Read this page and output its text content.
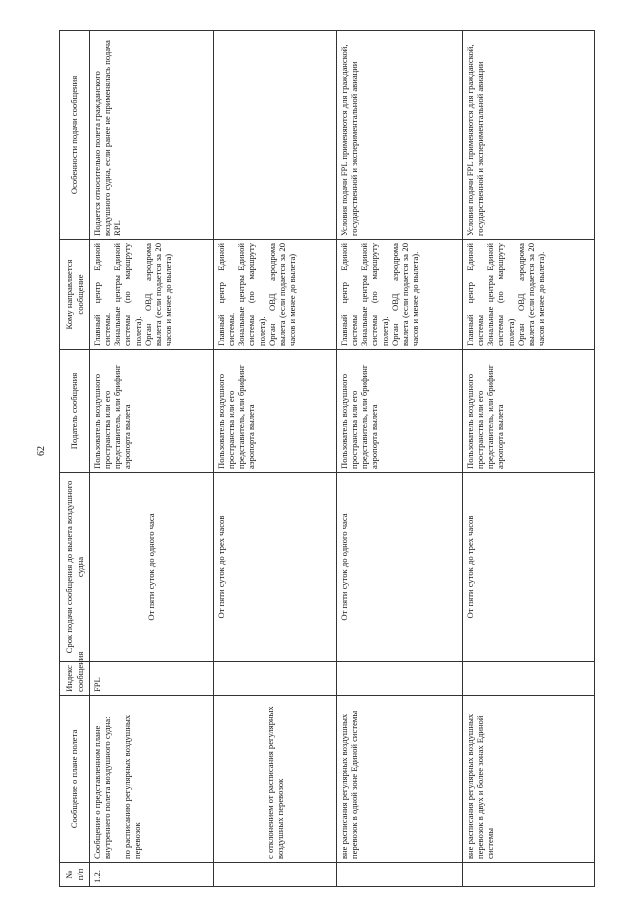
62
№ п/п	Сообщение о плане полета	Индекс сообщения	Срок подачи сообщения до вылета воздушного судна	Податель сообщения	Кому направляется сообщение	Особенности подачи сообщения
1.2.	Сообщение о представленном плане внутреннего полета воздушного судна: по расписанию регулярных воздушных перевозок	FPL	От пяти суток до одного часа	Пользователь воздушного пространства или его представитель, или брифинг аэропорта вылета	Главный центр Единой системы.
Зональные центры Единой системы (по маршруту полета).
Орган ОВД аэродрома вылета (если подается за 20 часов и менее до вылета)	Подается относительно полета гражданского воздушного судна, если ранее не применялась подача RPL
	с отклонением от расписания регулярных воздушных перевозок		От пяти суток до трех часов	Пользователь воздушного пространства или его представитель, или брифинг аэропорта вылета	Главный центр Единой системы.
Зональные центры Единой системы (по маршруту полета).
Орган ОВД аэродрома вылета (если подается за 20 часов и менее до вылета)	
	вне расписания регулярных воздушных перевозок в одной зоне Единой системы		От пяти суток до одного часа	Пользователь воздушного пространства или его представитель, или брифинг аэропорта вылета	Главный центр Единой системы
Зональные центры Единой системы (по маршруту полета).
Орган ОВД аэродрома вылета (если подается за 20 часов и менее до вылета).	Условия подачи FPL применяются для гражданской, государственной и экспериментальной авиации
	вне расписания регулярных воздушных перевозок в двух и более зонах Единой системы		От пяти суток до трех часов	Пользователь воздушного пространства или его представитель, или брифинг аэропорта вылета	Главный центр Единой системы
Зональные центры Единой системы (по маршруту полета)
Орган ОВД аэродрома вылета (если подается за 20 часов и менее до вылета).	Условия подачи FPL применяются для гражданской, государственной и экспериментальной авиации
